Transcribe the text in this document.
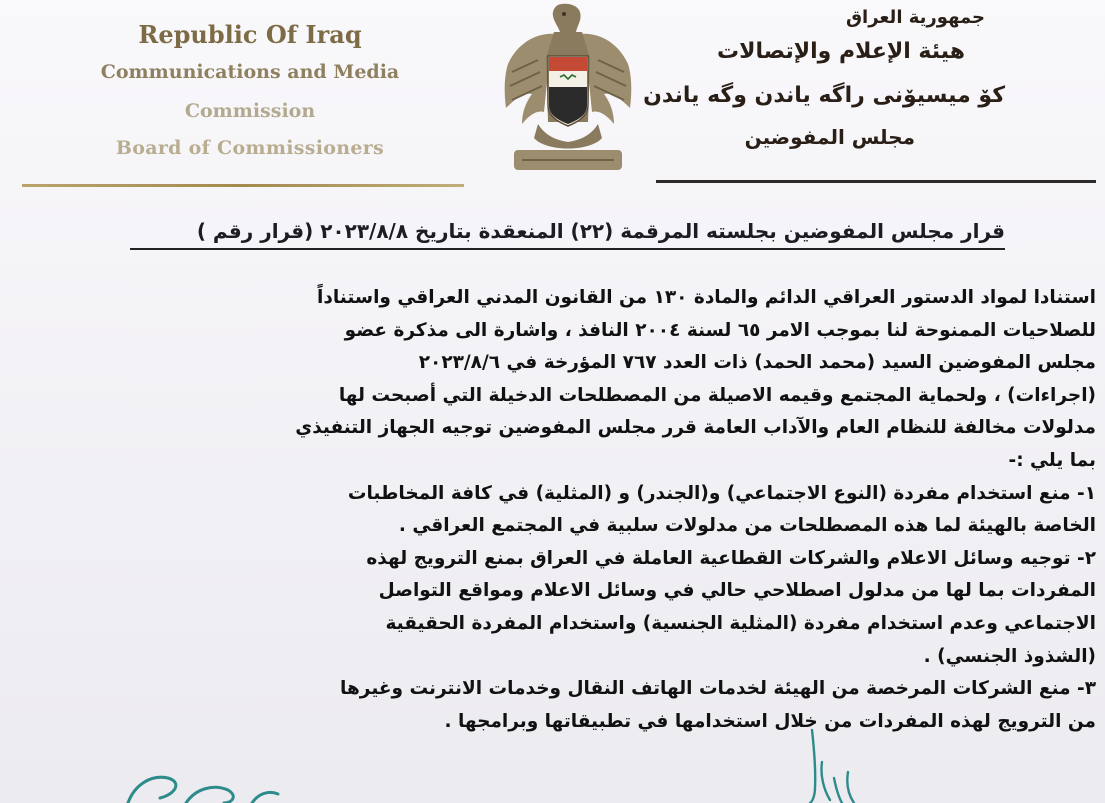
Republic Of Iraq
Communications and Media
Commission
Board of Commissioners
جمهورية العراق
هيئة الإعلام والإتصالات
كۆ ميسيۆنی راگه یاندن وگه یاندن
مجلس المفوضين
قرار مجلس المفوضين بجلسته المرقمة (٢٢) المنعقدة بتاريخ ٢٠٢٣/٨/٨ (قرار رقم )
استنادا لمواد الدستور العراقي الدائم والمادة ١٣٠ من القانون المدني العراقي واستناداً
للصلاحيات الممنوحة لنا بموجب الامر ٦٥ لسنة ٢٠٠٤ النافذ ، واشارة الى مذكرة عضو
مجلس المفوضين السيد (محمد الحمد) ذات العدد ٧٦٧ المؤرخة في ٢٠٢٣/٨/٦
(اجراءات) ، ولحماية المجتمع وقيمه الاصيلة من المصطلحات الدخيلة التي أصبحت لها
مدلولات مخالفة للنظام العام والآداب العامة قرر مجلس المفوضين توجيه الجهاز التنفيذي
بما يلي :-
١- منع استخدام مفردة (النوع الاجتماعي) و(الجندر) و (المثلية) في كافة المخاطبات
الخاصة بالهيئة لما هذه المصطلحات من مدلولات سلبية في المجتمع العراقي .
٢- توجيه وسائل الاعلام والشركات القطاعية العاملة في العراق بمنع الترويج لهذه
المفردات بما لها من مدلول اصطلاحي حالي في وسائل الاعلام ومواقع التواصل
الاجتماعي وعدم استخدام مفردة (المثلية الجنسية) واستخدام المفردة الحقيقية
(الشذوذ الجنسي) .
٣- منع الشركات المرخصة من الهيئة لخدمات الهاتف النقال وخدمات الانترنت وغيرها
من الترويج لهذه المفردات من خلال استخدامها في تطبيقاتها وبرامجها .
